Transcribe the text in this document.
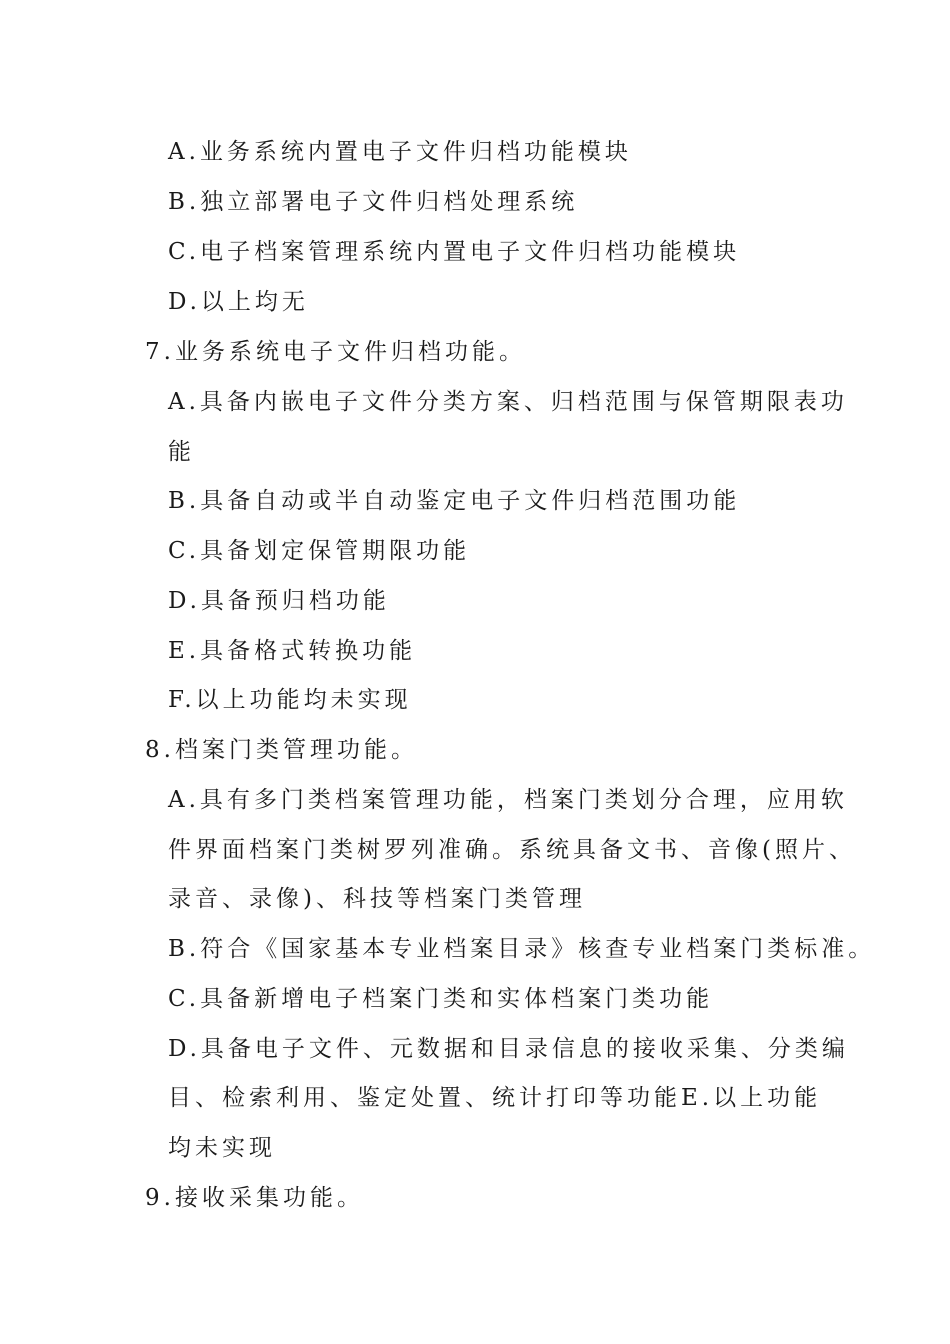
A.业务系统内置电子文件归档功能模块
B.独立部署电子文件归档处理系统
C.电子档案管理系统内置电子文件归档功能模块
D.以上均无
7.业务系统电子文件归档功能。
A.具备内嵌电子文件分类方案、归档范围与保管期限表功
能
B.具备自动或半自动鉴定电子文件归档范围功能
C.具备划定保管期限功能
D.具备预归档功能
E.具备格式转换功能
F.以上功能均未实现
8.档案门类管理功能。
A.具有多门类档案管理功能，档案门类划分合理，应用软
件界面档案门类树罗列准确。系统具备文书、音像(照片、
录音、录像)、科技等档案门类管理
B.符合《国家基本专业档案目录》核查专业档案门类标准。
C.具备新增电子档案门类和实体档案门类功能
D.具备电子文件、元数据和目录信息的接收采集、分类编
目、检索利用、鉴定处置、统计打印等功能E.以上功能
均未实现
9.接收采集功能。
